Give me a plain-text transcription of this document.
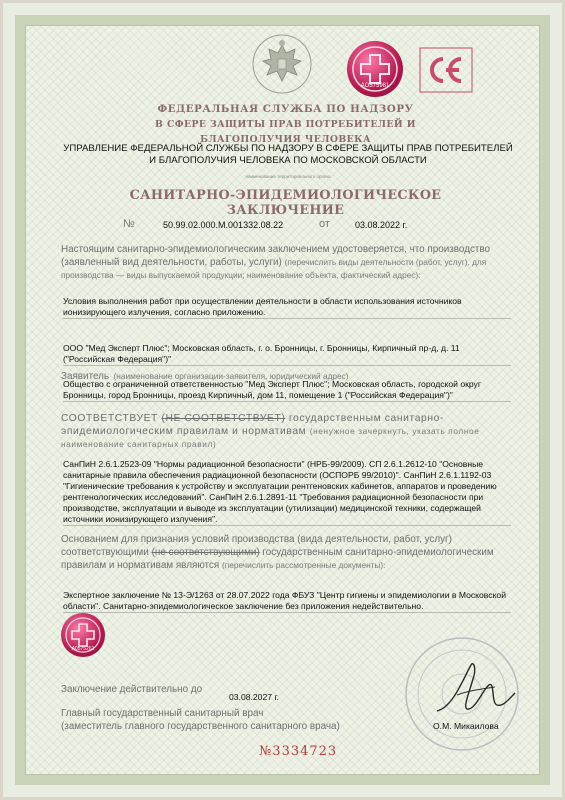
AO575981
ФЕДЕРАЛЬНАЯ СЛУЖБА ПО НАДЗОРУ
В СФЕРЕ ЗАЩИТЫ ПРАВ ПОТРЕБИТЕЛЕЙ И БЛАГОПОЛУЧИЯ ЧЕЛОВЕКА
УПРАВЛЕНИЕ ФЕДЕРАЛЬНОЙ СЛУЖБЫ ПО НАДЗОРУ В СФЕРЕ ЗАЩИТЫ ПРАВ ПОТРЕБИТЕЛЕЙ И БЛАГОПОЛУЧИЯ ЧЕЛОВЕКА ПО МОСКОВСКОЙ ОБЛАСТИ
наименование территориального органа
САНИТАРНО-ЭПИДЕМИОЛОГИЧЕСКОЕ ЗАКЛЮЧЕНИЕ
№	50.99.02.000.М.001332.08.22	от	03.08.2022 г.
Настоящим санитарно-эпидемиологическим заключением удостоверяется, что производство (заявленный вид деятельности, работы, услуги) (перечислить виды деятельности (работ, услуг), для производства — виды выпускаемой продукции; наименование объекта, фактический адрес):
Условия выполнения работ при осуществлении деятельности в области использования источников ионизирующего излучения, согласно приложению.
ООО "Мед Эксперт Плюс"; Московская область, г. о. Бронницы, г. Бронницы, Кирпичный пр-д, д. 11 ("Российская Федерация")"
Заявитель (наименование организации-заявителя, юридический адрес)
Общество с ограниченной ответственностью "Мед Эксперт Плюс"; Московская область, городской округ Бронницы, город Бронницы, проезд Кирпичный, дом 11, помещение 1 ("Российская Федерация")"
СООТВЕТСТВУЕТ (НЕ СООТВЕТСТВУЕТ) государственным санитарно-эпидемиологическим правилам и нормативам (ненужное зачеркнуть, указать полное наименование санитарных правил)
СанПиН 2.6.1.2523-09 "Нормы радиационной безопасности" (НРБ-99/2009). СП 2.6.1.2612-10 "Основные санитарные правила обеспечения радиационной безопасности (ОСПОРБ 99/2010)". СанПиН 2.6.1.1192-03 "Гигиенические требования к устройству и эксплуатации рентгеновских кабинетов, аппаратов и проведению рентгенологических исследований". СанПиН 2.6.1.2891-11 "Требования радиационной безопасности при производстве, эксплуатации и выводе из эксплуатации (утилизации) медицинской техники, содержащей источники ионизирующего излучения".
Основанием для признания условий производства (вида деятельности, работ, услуг) соответствующими (не соответствующими) государственным санитарно-эпидемиологическим правилам и нормативам являются (перечислить рассмотренные документы):
Экспертное заключение № 13-Э/1263 от 28.07.2022 года ФБУЗ "Центр гигиены и эпидемиологии в Московской области". Санитарно-эпидемиологическое заключение без приложения недействительно.
A0575261
Заключение действительно до
03.08.2027 г.
Главный государственный санитарный врач
(заместитель главного государственного санитарного врача)	О.М. Микаилова
№3334723
